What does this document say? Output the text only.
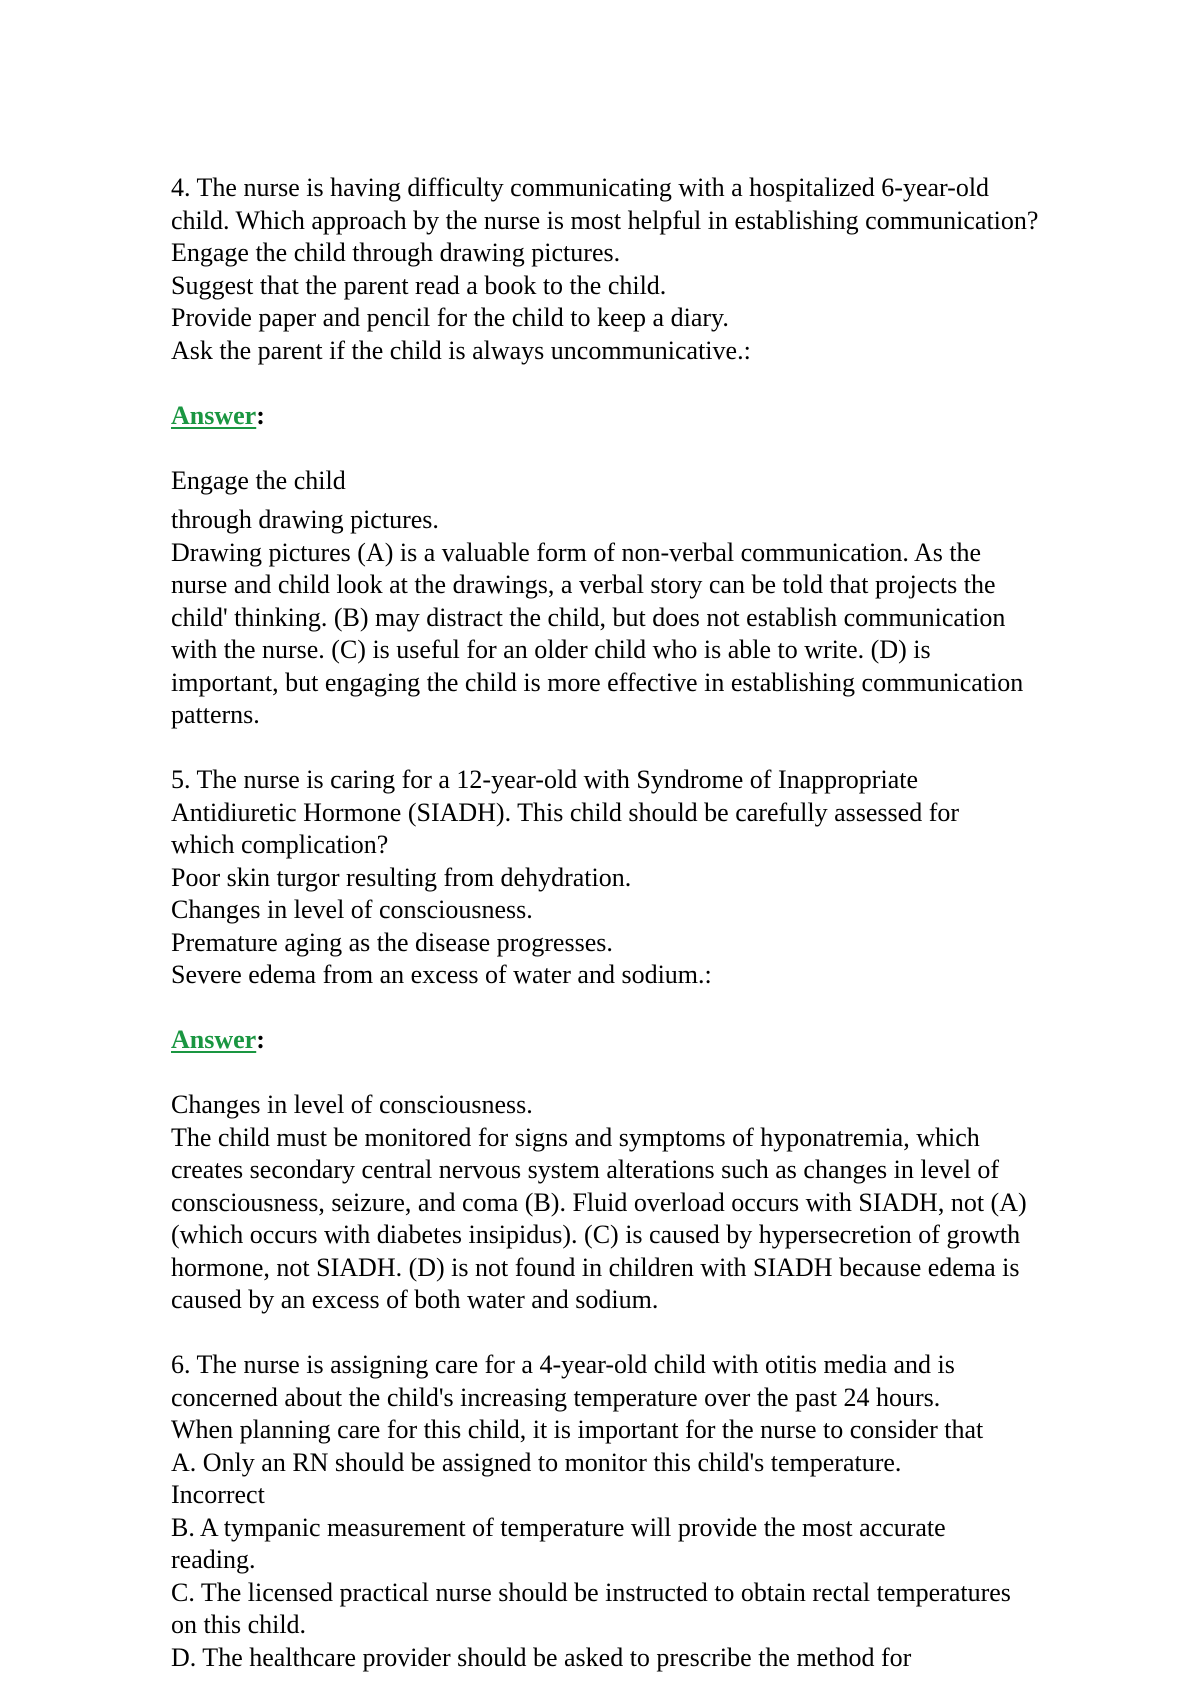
4. The nurse is having difficulty communicating with a hospitalized 6-year-old
child. Which approach by the nurse is most helpful in establishing communication?
Engage the child through drawing pictures.
Suggest that the parent read a book to the child.
Provide paper and pencil for the child to keep a diary.
Ask the parent if the child is always uncommunicative.:
Answer:
Engage the child
through drawing pictures.
Drawing pictures (A) is a valuable form of non-verbal communication. As the
nurse and child look at the drawings, a verbal story can be told that projects the
child' thinking. (B) may distract the child, but does not establish communication
with the nurse. (C) is useful for an older child who is able to write. (D) is
important, but engaging the child is more effective in establishing communication
patterns.
5. The nurse is caring for a 12-year-old with Syndrome of Inappropriate
Antidiuretic Hormone (SIADH). This child should be carefully assessed for
which complication?
Poor skin turgor resulting from dehydration.
Changes in level of consciousness.
Premature aging as the disease progresses.
Severe edema from an excess of water and sodium.:
Answer:
Changes in level of consciousness.
The child must be monitored for signs and symptoms of hyponatremia, which
creates secondary central nervous system alterations such as changes in level of
consciousness, seizure, and coma (B). Fluid overload occurs with SIADH, not (A)
(which occurs with diabetes insipidus). (C) is caused by hypersecretion of growth
hormone, not SIADH. (D) is not found in children with SIADH because edema is
caused by an excess of both water and sodium.
6. The nurse is assigning care for a 4-year-old child with otitis media and is
concerned about the child's increasing temperature over the past 24 hours.
When planning care for this child, it is important for the nurse to consider that
A. Only an RN should be assigned to monitor this child's temperature.
Incorrect
B. A tympanic measurement of temperature will provide the most accurate
reading.
C. The licensed practical nurse should be instructed to obtain rectal temperatures
on this child.
D. The healthcare provider should be asked to prescribe the method for
